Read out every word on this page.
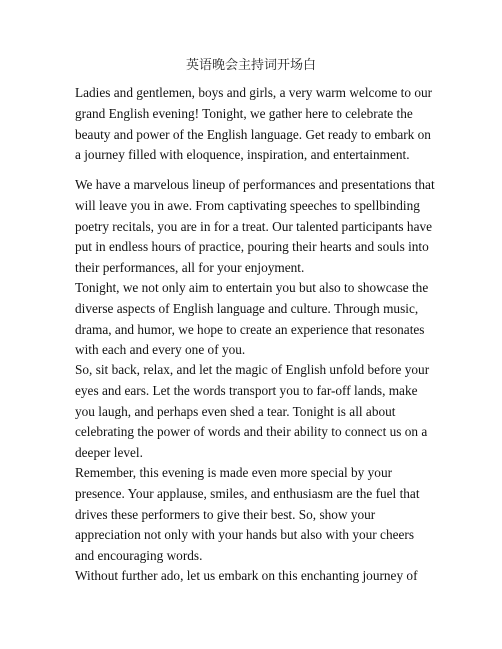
英语晚会主持词开场白

Ladies and gentlemen, boys and girls, a very warm welcome to our grand English evening! Tonight, we gather here to celebrate the beauty and power of the English language. Get ready to embark on a journey filled with eloquence, inspiration, and entertainment.

We have a marvelous lineup of performances and presentations that will leave you in awe. From captivating speeches to spellbinding poetry recitals, you are in for a treat. Our talented participants have put in endless hours of practice, pouring their hearts and souls into their performances, all for your enjoyment.

Tonight, we not only aim to entertain you but also to showcase the diverse aspects of English language and culture. Through music, drama, and humor, we hope to create an experience that resonates with each and every one of you.

So, sit back, relax, and let the magic of English unfold before your eyes and ears. Let the words transport you to far-off lands, make you laugh, and perhaps even shed a tear. Tonight is all about celebrating the power of words and their ability to connect us on a deeper level.

Remember, this evening is made even more special by your presence. Your applause, smiles, and enthusiasm are the fuel that drives these performers to give their best. So, show your appreciation not only with your hands but also with your cheers and encouraging words.

Without further ado, let us embark on this enchanting journey of
